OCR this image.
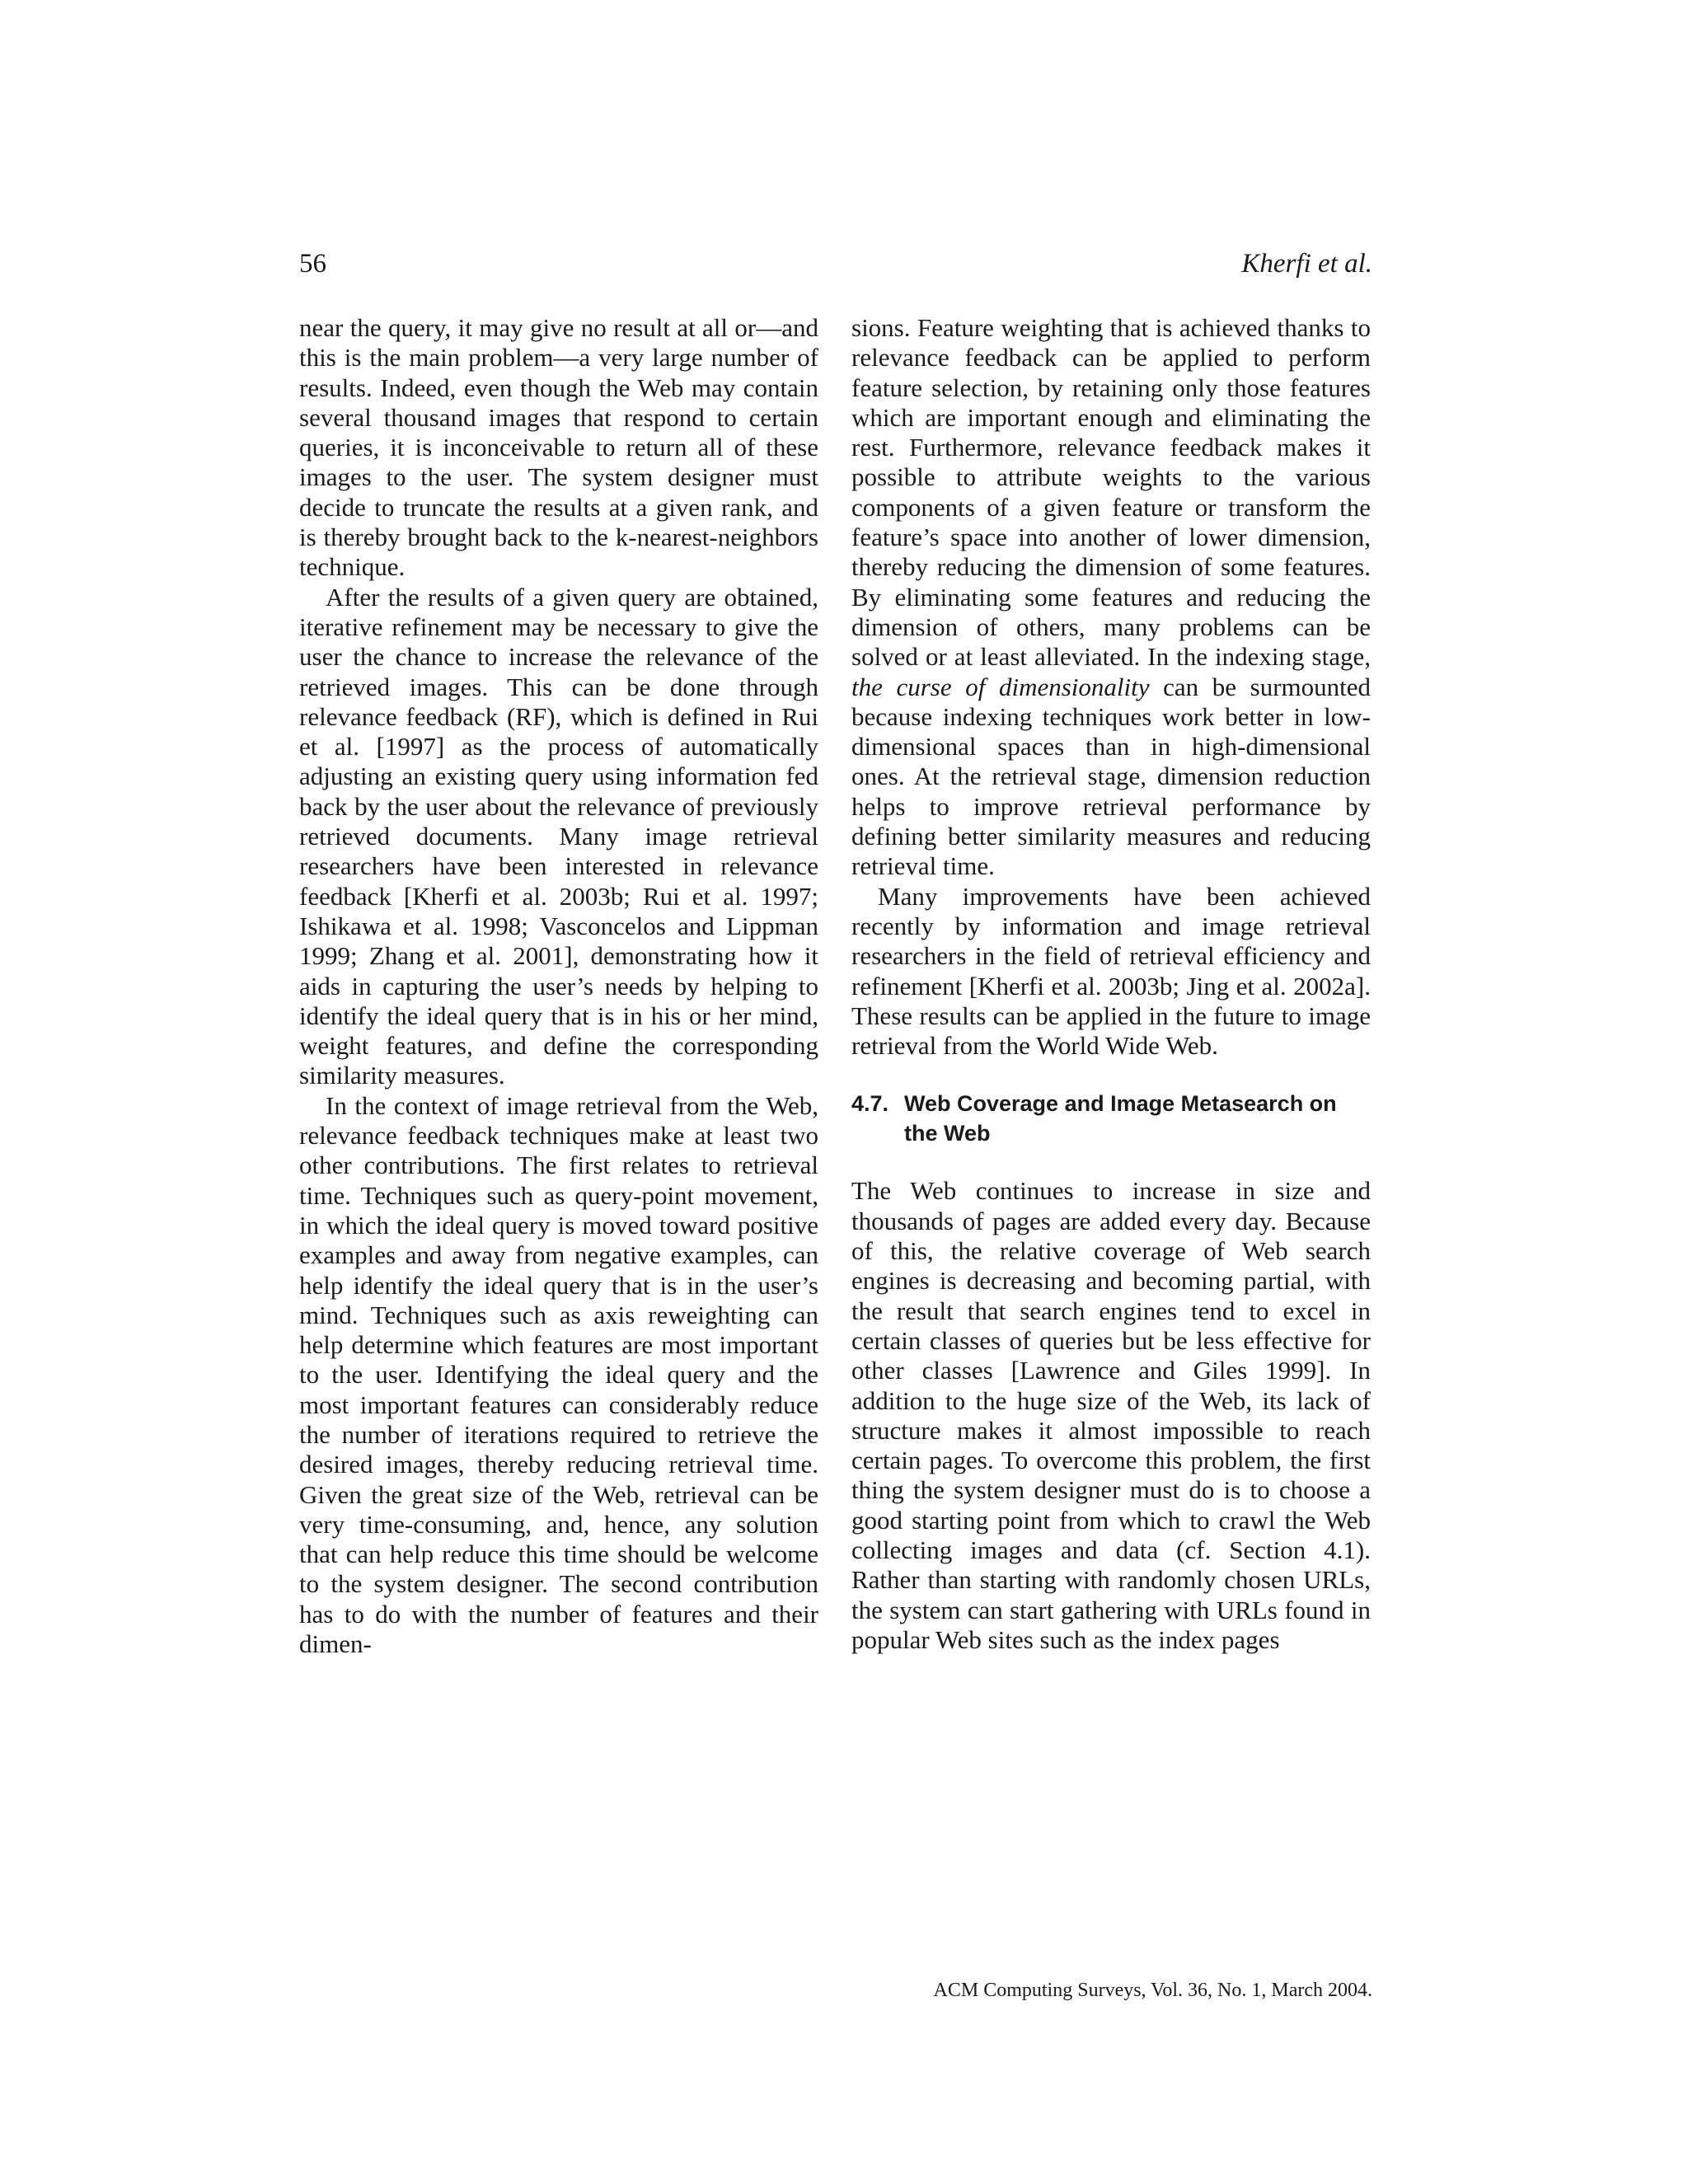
56	Kherfi et al.

near the query, it may give no result at all or—and this is the main problem—a very large number of results. Indeed, even though the Web may contain several thousand images that respond to certain queries, it is inconceivable to return all of these images to the user. The system designer must decide to truncate the results at a given rank, and is thereby brought back to the k-nearest-neighbors technique.

After the results of a given query are obtained, iterative refinement may be necessary to give the user the chance to increase the relevance of the retrieved images. This can be done through relevance feedback (RF), which is defined in Rui et al. [1997] as the process of automatically adjusting an existing query using information fed back by the user about the relevance of previously retrieved documents. Many image retrieval researchers have been interested in relevance feedback [Kherfi et al. 2003b; Rui et al. 1997; Ishikawa et al. 1998; Vasconcelos and Lippman 1999; Zhang et al. 2001], demonstrating how it aids in capturing the user’s needs by helping to identify the ideal query that is in his or her mind, weight features, and define the corresponding similarity measures.

In the context of image retrieval from the Web, relevance feedback techniques make at least two other contributions. The first relates to retrieval time. Techniques such as query-point movement, in which the ideal query is moved toward positive examples and away from negative examples, can help identify the ideal query that is in the user’s mind. Techniques such as axis reweighting can help determine which features are most important to the user. Identifying the ideal query and the most important features can considerably reduce the number of iterations required to retrieve the desired images, thereby reducing retrieval time. Given the great size of the Web, retrieval can be very time-consuming, and, hence, any solution that can help reduce this time should be welcome to the system designer. The second contribution has to do with the number of features and their dimen-

sions. Feature weighting that is achieved thanks to relevance feedback can be applied to perform feature selection, by retaining only those features which are important enough and eliminating the rest. Furthermore, relevance feedback makes it possible to attribute weights to the various components of a given feature or transform the feature’s space into another of lower dimension, thereby reducing the dimension of some features. By eliminating some features and reducing the dimension of others, many problems can be solved or at least alleviated. In the indexing stage, the curse of dimensionality can be surmounted because indexing techniques work better in low-dimensional spaces than in high-dimensional ones. At the retrieval stage, dimension reduction helps to improve retrieval performance by defining better similarity measures and reducing retrieval time.

Many improvements have been achieved recently by information and image retrieval researchers in the field of retrieval efficiency and refinement [Kherfi et al. 2003b; Jing et al. 2002a]. These results can be applied in the future to image retrieval from the World Wide Web.

4.7. Web Coverage and Image Metasearch on the Web

The Web continues to increase in size and thousands of pages are added every day. Because of this, the relative coverage of Web search engines is decreasing and becoming partial, with the result that search engines tend to excel in certain classes of queries but be less effective for other classes [Lawrence and Giles 1999]. In addition to the huge size of the Web, its lack of structure makes it almost impossible to reach certain pages. To overcome this problem, the first thing the system designer must do is to choose a good starting point from which to crawl the Web collecting images and data (cf. Section 4.1). Rather than starting with randomly chosen URLs, the system can start gathering with URLs found in popular Web sites such as the index pages

ACM Computing Surveys, Vol. 36, No. 1, March 2004.
